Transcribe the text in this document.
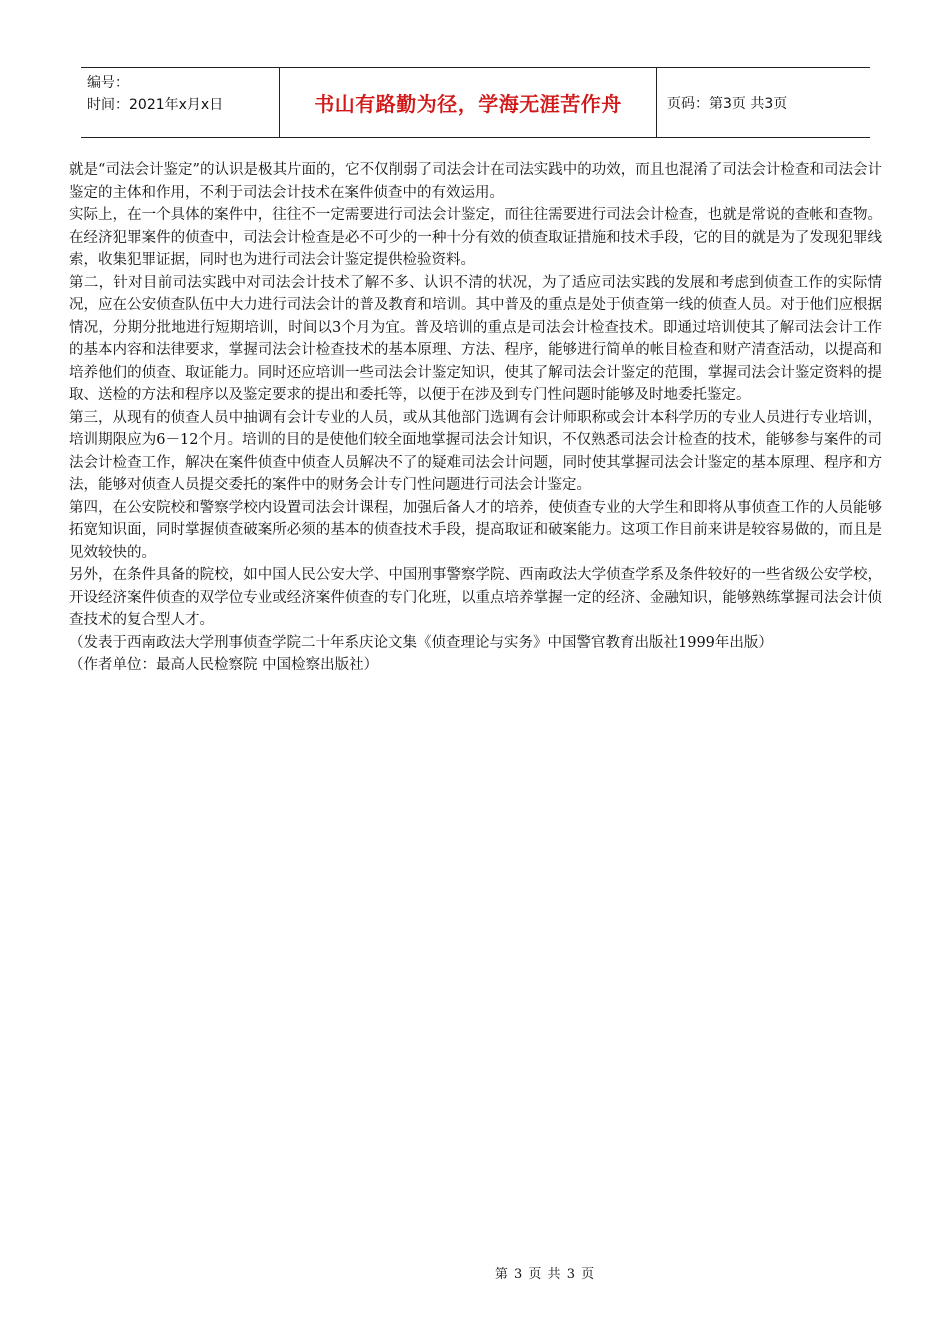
编号：
时间：2021年x月x日	书山有路勤为径，学海无涯苦作舟	页码：第3页 共3页

就是“司法会计鉴定”的认识是极其片面的，它不仅削弱了司法会计在司法实践中的功效，而且也混淆了司法会计检查和司法会计鉴定的主体和作用，不利于司法会计技术在案件侦查中的有效运用。

实际上，在一个具体的案件中，往往不一定需要进行司法会计鉴定，而往往需要进行司法会计检查，也就是常说的查帐和查物。在经济犯罪案件的侦查中，司法会计检查是必不可少的一种十分有效的侦查取证措施和技术手段，它的目的就是为了发现犯罪线索，收集犯罪证据，同时也为进行司法会计鉴定提供检验资料。

第二，针对目前司法实践中对司法会计技术了解不多、认识不清的状况，为了适应司法实践的发展和考虑到侦查工作的实际情况，应在公安侦查队伍中大力进行司法会计的普及教育和培训。其中普及的重点是处于侦查第一线的侦查人员。对于他们应根据情况，分期分批地进行短期培训，时间以3个月为宜。普及培训的重点是司法会计检查技术。即通过培训使其了解司法会计工作的基本内容和法律要求，掌握司法会计检查技术的基本原理、方法、程序，能够进行简单的帐目检查和财产清查活动，以提高和培养他们的侦查、取证能力。同时还应培训一些司法会计鉴定知识，使其了解司法会计鉴定的范围，掌握司法会计鉴定资料的提取、送检的方法和程序以及鉴定要求的提出和委托等，以便于在涉及到专门性问题时能够及时地委托鉴定。

第三，从现有的侦查人员中抽调有会计专业的人员，或从其他部门选调有会计师职称或会计本科学历的专业人员进行专业培训，培训期限应为6－12个月。培训的目的是使他们较全面地掌握司法会计知识，不仅熟悉司法会计检查的技术，能够参与案件的司法会计检查工作，解决在案件侦查中侦查人员解决不了的疑难司法会计问题，同时使其掌握司法会计鉴定的基本原理、程序和方法，能够对侦查人员提交委托的案件中的财务会计专门性问题进行司法会计鉴定。

第四，在公安院校和警察学校内设置司法会计课程，加强后备人才的培养，使侦查专业的大学生和即将从事侦查工作的人员能够拓宽知识面，同时掌握侦查破案所必须的基本的侦查技术手段，提高取证和破案能力。这项工作目前来讲是较容易做的，而且是见效较快的。

另外，在条件具备的院校，如中国人民公安大学、中国刑事警察学院、西南政法大学侦查学系及条件较好的一些省级公安学校，开设经济案件侦查的双学位专业或经济案件侦查的专门化班，以重点培养掌握一定的经济、金融知识，能够熟练掌握司法会计侦查技术的复合型人才。

（发表于西南政法大学刑事侦查学院二十年系庆论文集《侦查理论与实务》中国警官教育出版社1999年出版）

（作者单位：最高人民检察院 中国检察出版社）

第 3 页 共 3 页
